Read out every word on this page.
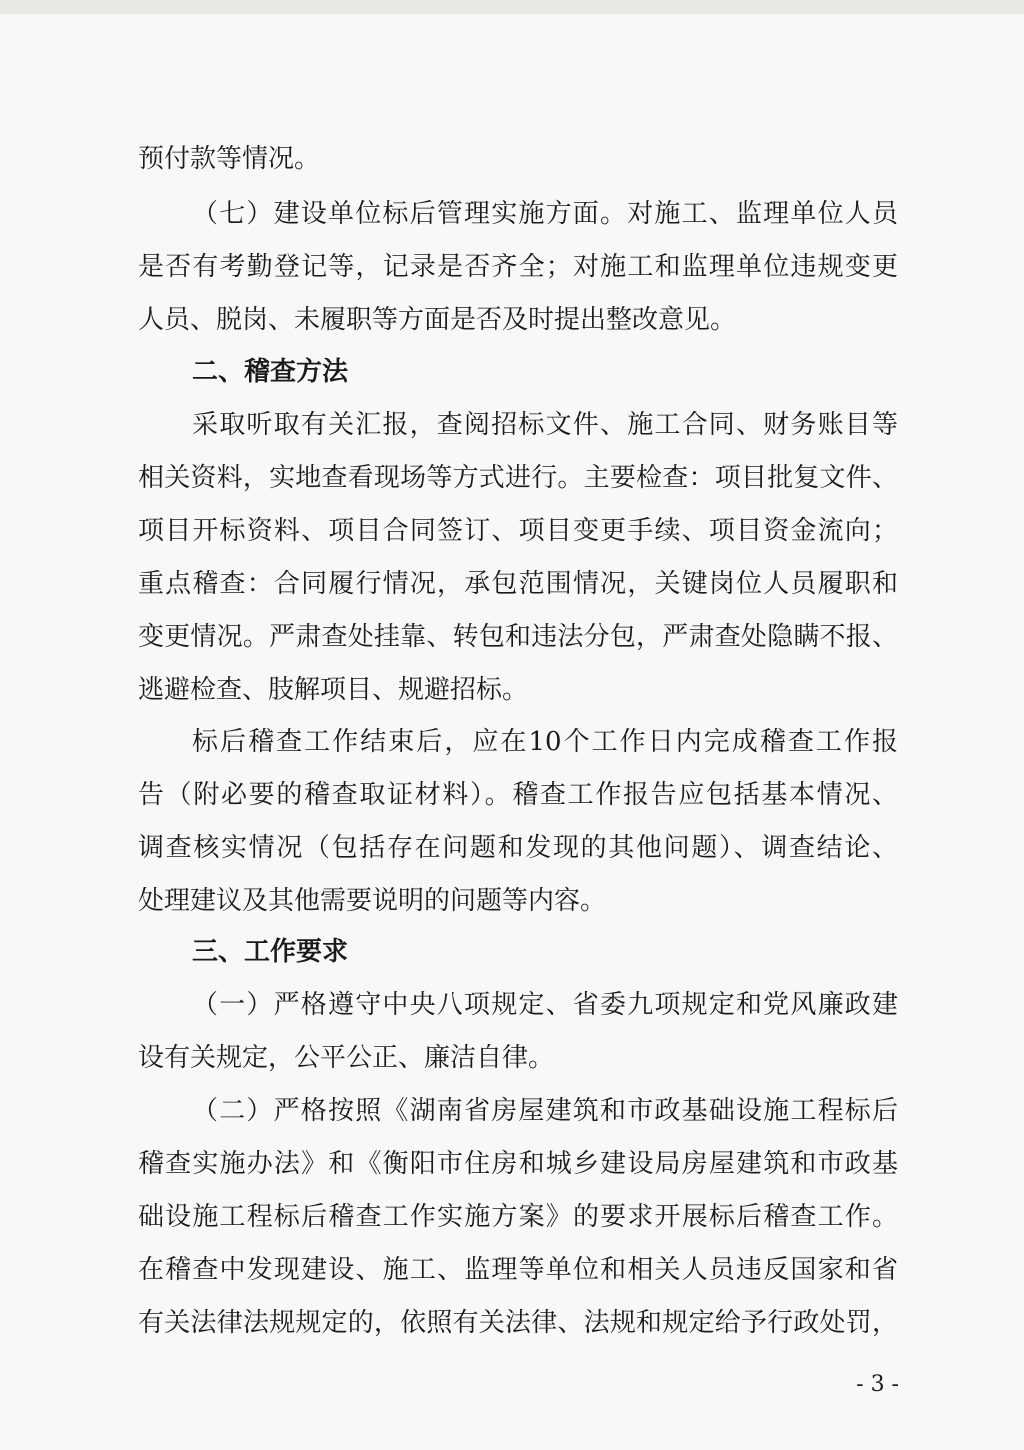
预付款等情况。

（七）建设单位标后管理实施方面。对施工、监理单位人员
是否有考勤登记等，记录是否齐全；对施工和监理单位违规变更
人员、脱岗、未履职等方面是否及时提出整改意见。

二、稽查方法

采取听取有关汇报，查阅招标文件、施工合同、财务账目等
相关资料，实地查看现场等方式进行。主要检查：项目批复文件、
项目开标资料、项目合同签订、项目变更手续、项目资金流向；
重点稽查：合同履行情况，承包范围情况，关键岗位人员履职和
变更情况。严肃查处挂靠、转包和违法分包，严肃查处隐瞒不报、
逃避检查、肢解项目、规避招标。

标后稽查工作结束后，应在10个工作日内完成稽查工作报
告（附必要的稽查取证材料）。稽查工作报告应包括基本情况、
调查核实情况（包括存在问题和发现的其他问题）、调查结论、
处理建议及其他需要说明的问题等内容。

三、工作要求

（一）严格遵守中央八项规定、省委九项规定和党风廉政建
设有关规定，公平公正、廉洁自律。

（二）严格按照《湖南省房屋建筑和市政基础设施工程标后
稽查实施办法》和《衡阳市住房和城乡建设局房屋建筑和市政基
础设施工程标后稽查工作实施方案》的要求开展标后稽查工作。
在稽查中发现建设、施工、监理等单位和相关人员违反国家和省
有关法律法规规定的，依照有关法律、法规和规定给予行政处罚，

- 3 -
